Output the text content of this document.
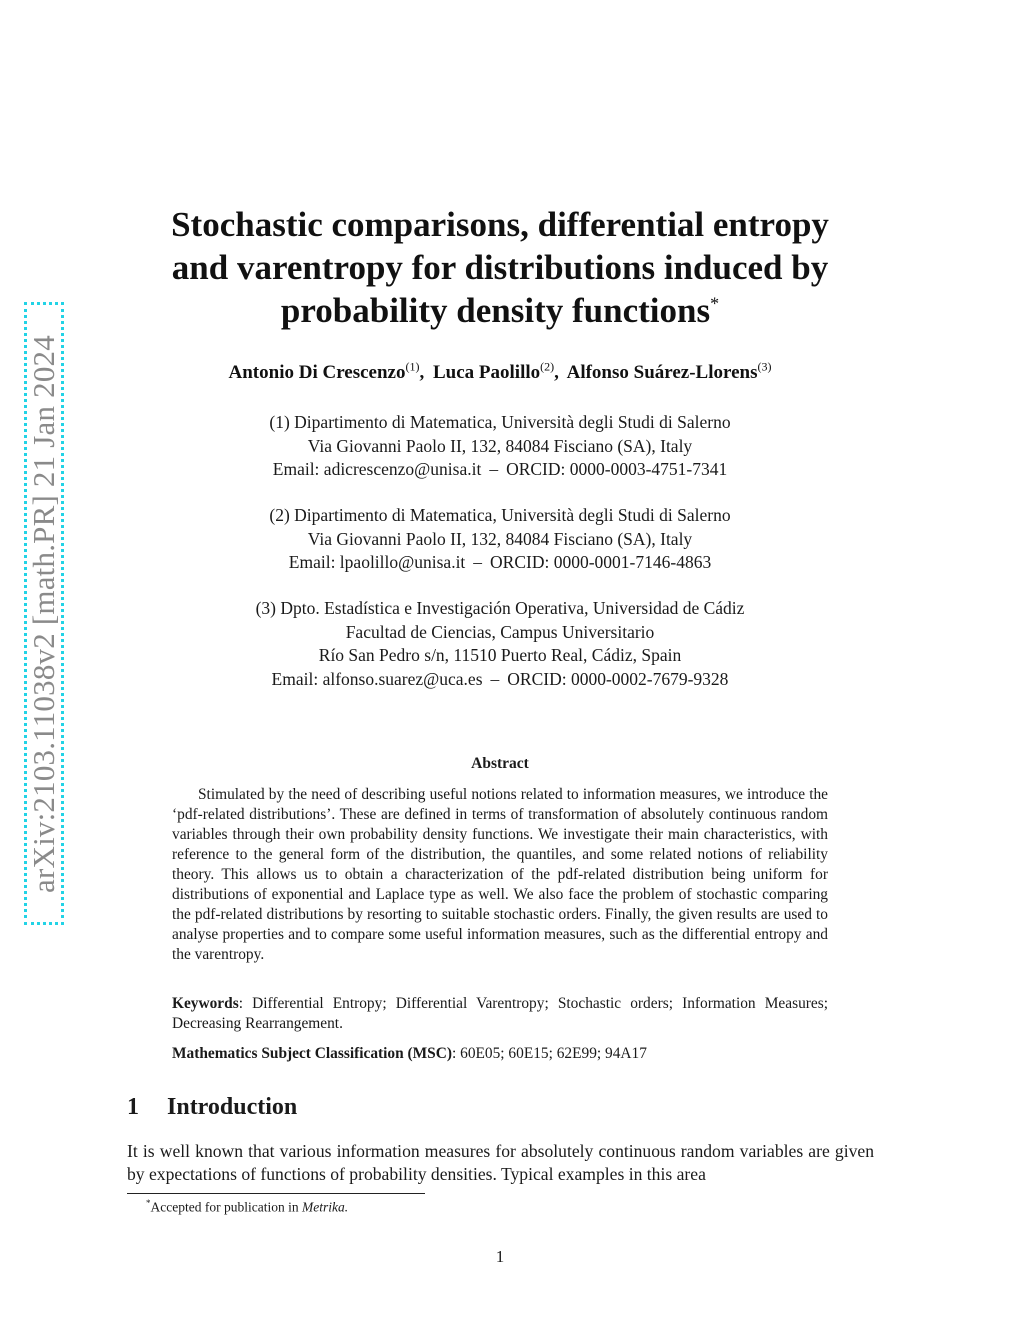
arXiv:2103.11038v2 [math.PR] 21 Jan 2024
Stochastic comparisons, differential entropy
and varentropy for distributions induced by
probability density functions*
Antonio Di Crescenzo$^{(1)}$, Luca Paolillo$^{(2)}$, Alfonso Suárez-Llorens$^{(3)}$
(1) Dipartimento di Matematica, Università degli Studi di Salerno
Via Giovanni Paolo II, 132, 84084 Fisciano (SA), Italy
Email: adicrescenzo@unisa.it – ORCID: 0000-0003-4751-7341
(2) Dipartimento di Matematica, Università degli Studi di Salerno
Via Giovanni Paolo II, 132, 84084 Fisciano (SA), Italy
Email: lpaolillo@unisa.it – ORCID: 0000-0001-7146-4863
(3) Dpto. Estadística e Investigación Operativa, Universidad de Cádiz
Facultad de Ciencias, Campus Universitario
Río San Pedro s/n, 11510 Puerto Real, Cádiz, Spain
Email: alfonso.suarez@uca.es – ORCID: 0000-0002-7679-9328
Abstract

Stimulated by the need of describing useful notions related to information measures, we introduce the ‘pdf-related distributions’. These are defined in terms of transformation of absolutely continuous random variables through their own probability density functions. We investigate their main characteristics, with reference to the general form of the distribution, the quantiles, and some related notions of reliability theory. This allows us to obtain a characterization of the pdf-related distribution being uniform for distributions of exponential and Laplace type as well. We also face the problem of stochastic comparing the pdf-related distributions by resorting to suitable stochastic orders. Finally, the given results are used to analyse properties and to compare some useful information measures, such as the differential entropy and the varentropy.

Keywords: Differential Entropy; Differential Varentropy; Stochastic orders; Information Measures; Decreasing Rearrangement.

Mathematics Subject Classification (MSC): 60E05; 60E15; 62E99; 94A17

1 Introduction

It is well known that various information measures for absolutely continuous random variables are given by expectations of functions of probability densities. Typical examples in this area

*Accepted for publication in Metrika.
1
